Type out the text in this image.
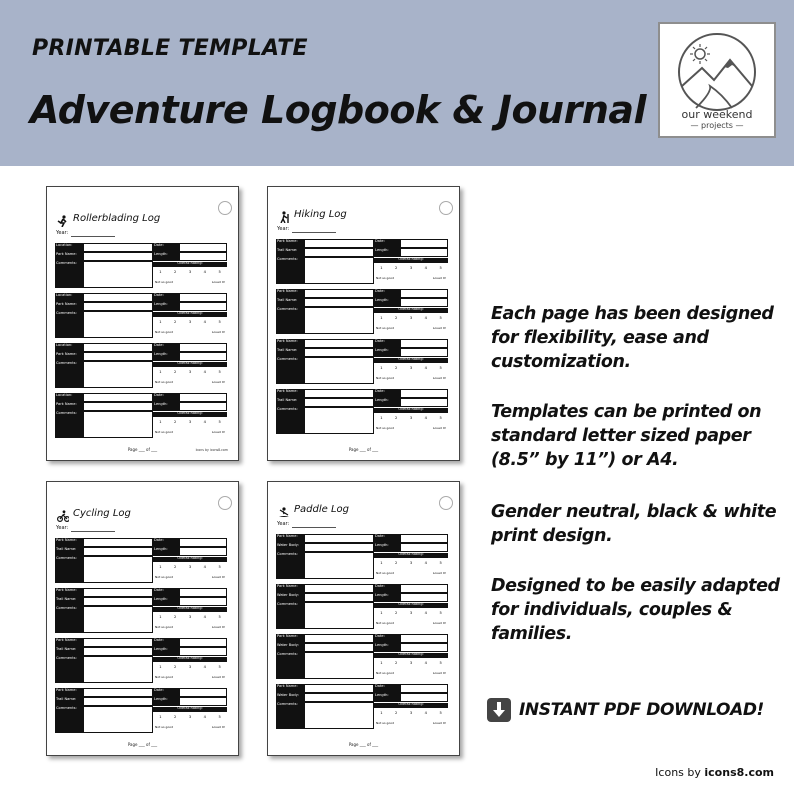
PRINTABLE TEMPLATE
Adventure Logbook & Journal	our weekend
— projects —
Rollerblading Log
Year:
Location:
Park Name:
Comments:
Date:
Length:
Overall Rating:
1	2	3	4	5
Not so good	Loved it!
Location:
Park Name:
Comments:
Date:
Length:
Overall Rating:
1	2	3	4	5
Not so good	Loved it!
Location:
Park Name:
Comments:
Date:
Length:
Overall Rating:
1	2	3	4	5
Not so good	Loved it!
Location:
Park Name:
Comments:
Date:
Length:
Overall Rating:
1	2	3	4	5
Not so good	Loved it!
Page ___ of ___	Icons by icons8.com
Hiking Log
Year:
Park Name:
Trail Name:
Comments:
Date:
Length:
Overall Rating:
1	2	3	4	5
Not so good	Loved it!
Park Name:
Trail Name:
Comments:
Date:
Length:
Overall Rating:
1	2	3	4	5
Not so good	Loved it!
Park Name:
Trail Name:
Comments:
Date:
Length:
Overall Rating:
1	2	3	4	5
Not so good	Loved it!
Park Name:
Trail Name:
Comments:
Date:
Length:
Overall Rating:
1	2	3	4	5
Not so good	Loved it!
Page ___ of ___
Cycling Log
Year:
Park Name:
Trail Name:
Comments:
Date:
Length:
Overall Rating:
1	2	3	4	5
Not so good	Loved it!
Park Name:
Trail Name:
Comments:
Date:
Length:
Overall Rating:
1	2	3	4	5
Not so good	Loved it!
Park Name:
Trail Name:
Comments:
Date:
Length:
Overall Rating:
1	2	3	4	5
Not so good	Loved it!
Park Name:
Trail Name:
Comments:
Date:
Length:
Overall Rating:
1	2	3	4	5
Not so good	Loved it!
Page ___ of ___
Paddle Log
Year:
Park Name:
Water Body:
Comments:
Date:
Length:
Overall Rating:
1	2	3	4	5
Not so good	Loved it!
Park Name:
Water Body:
Comments:
Date:
Length:
Overall Rating:
1	2	3	4	5
Not so good	Loved it!
Park Name:
Water Body:
Comments:
Date:
Length:
Overall Rating:
1	2	3	4	5
Not so good	Loved it!
Park Name:
Water Body:
Comments:
Date:
Length:
Overall Rating:
1	2	3	4	5
Not so good	Loved it!
Page ___ of ___
Each page has been designed for flexibility, ease and customization.
Templates can be printed on standard letter sized paper (8.5” by 11”) or A4.
Gender neutral, black & white print design.
Designed to be easily adapted for individuals, couples & families.
INSTANT PDF DOWNLOAD!
Icons by icons8.com
